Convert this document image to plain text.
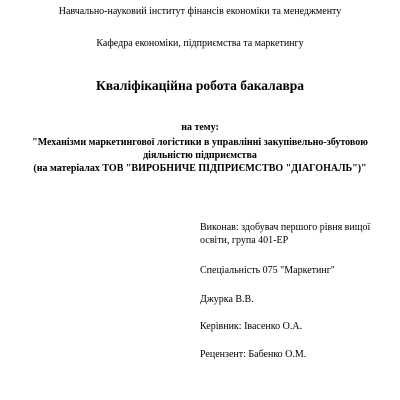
Навчально-науковий інститут фінансів економіки та менеджменту
Кафедра економіки, підприємства та маркетингу
Кваліфікаційна робота бакалавра
на тему:
"Механізми маркетингової логістики в управлінні закупівельно-збутовою
діяльністю підприємства
(на матеріалах ТОВ "ВИРОБНИЧЕ ПІДПРИЄМСТВО "ДІАГОНАЛЬ")"
Виконав: здобувач першого рівня вищої
освіти, група 401-ЕР
Спеціальність 075 "Маркетинг"
Джурка В.В.
Керівник: Івасенко О.А.
Рецензент: Бабенко О.М.
